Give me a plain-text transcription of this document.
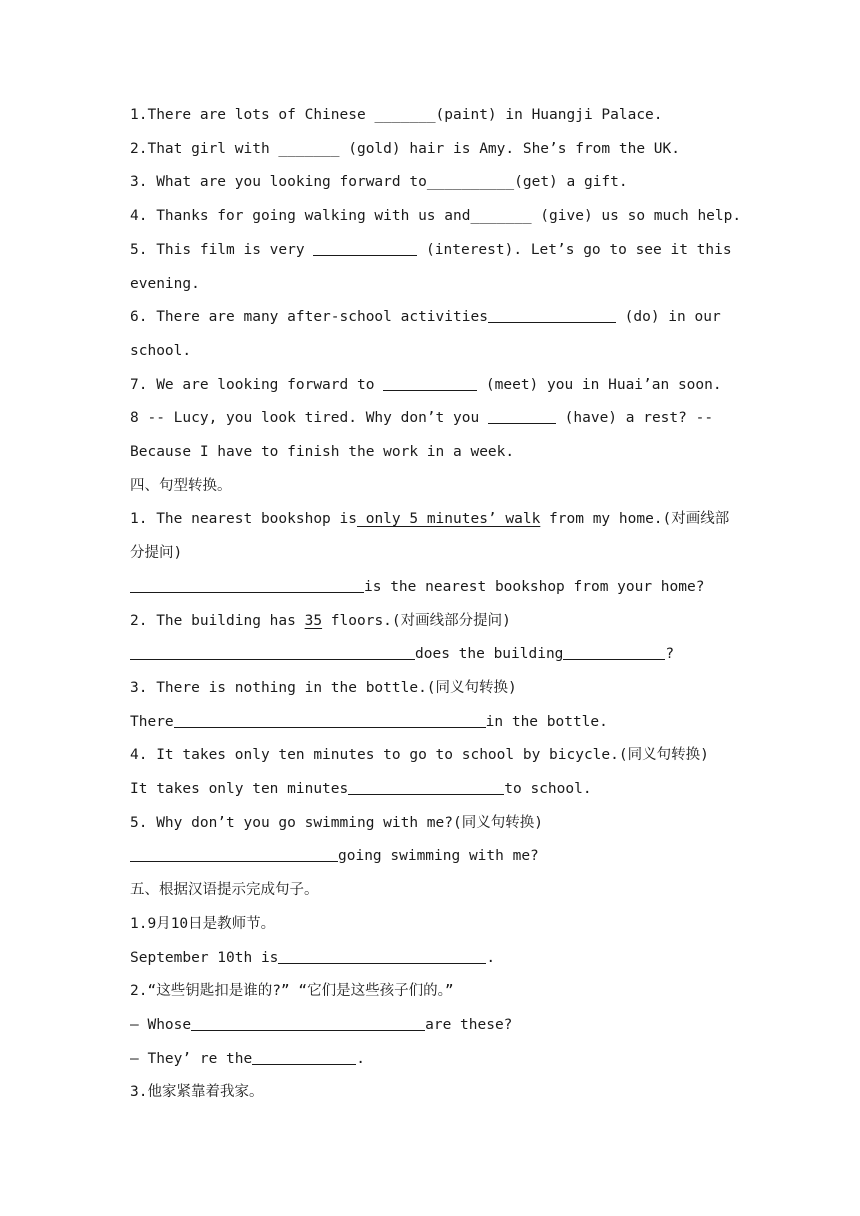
1.There are lots of Chinese _______(paint) in Huangji Palace.
2.That girl with _______ (gold) hair is Amy. She’s from the UK.
3. What are you looking forward to__________(get) a gift.
4. Thanks for going walking with us and_______ (give) us so much help.
5. This film is very	(interest). Let’s go to see it this
evening.
6. There are many after-school activities	(do) in our
school.
7. We are looking forward to	(meet) you in Huai’an soon.
8 -- Lucy, you look tired. Why don’t you	(have) a rest? --
Because I have to finish the work in a week.
四、句型转换。
1. The nearest bookshop is only 5 minutes’ walk from my home.(对画线部
分提问)
is the nearest bookshop from your home?
2. The building has 35 floors.(对画线部分提问)
does the building	?
3. There is nothing in the bottle.(同义句转换)
There	in the bottle.
4. It takes only ten minutes to go to school by bicycle.(同义句转换)
It takes only ten minutes	to school.
5. Why don’t you go swimming with me?(同义句转换)
going swimming with me?
五、根据汉语提示完成句子。
1.9月10日是教师节。
September 10th is	.
2.“这些钥匙扣是谁的?” “它们是这些孩子们的。”
— Whose	are these?
— They’ re the	.
3.他家紧靠着我家。
